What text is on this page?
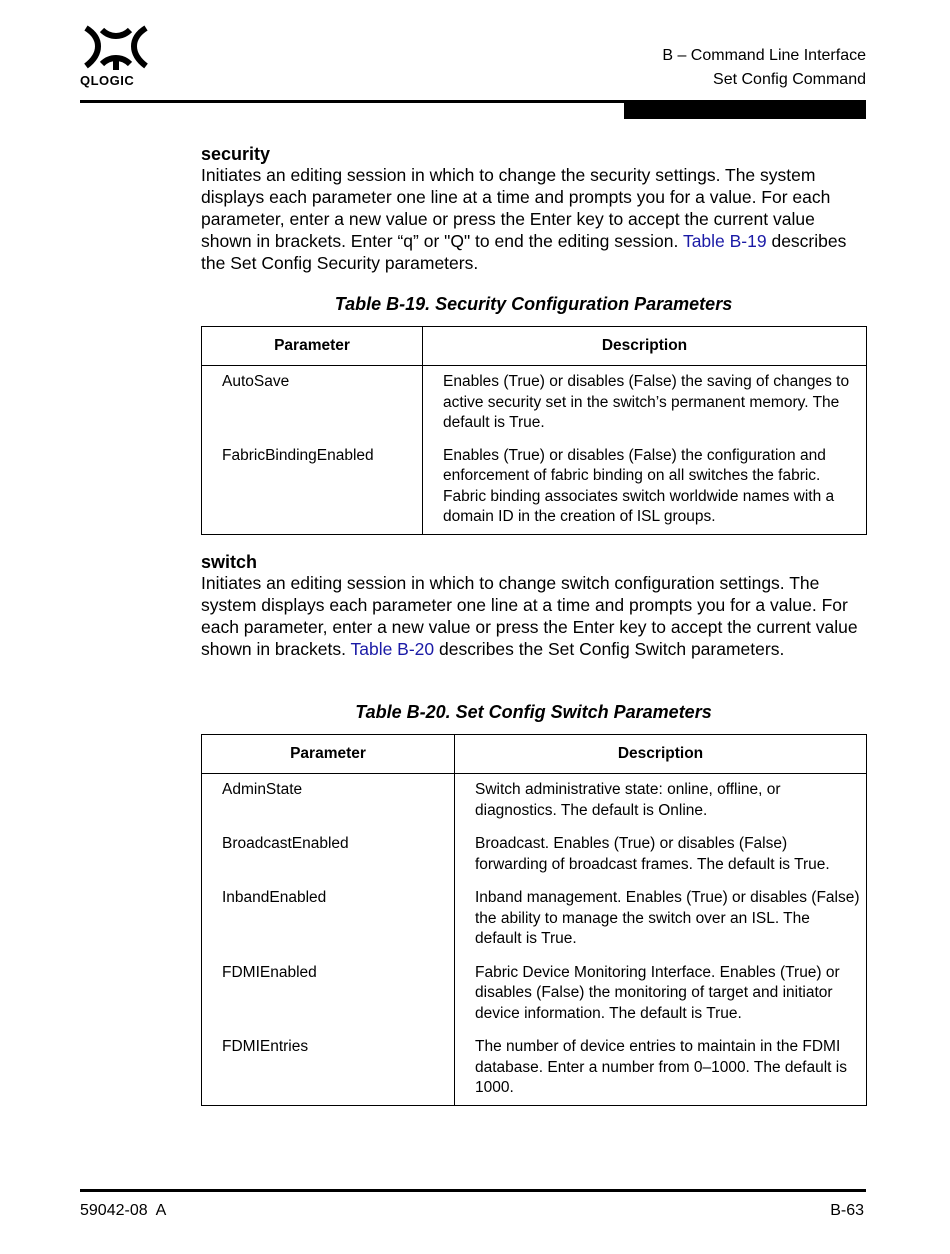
QLOGIC
B – Command Line Interface
Set Config Command
security

Initiates an editing session in which to change the security settings. The system displays each parameter one line at a time and prompts you for a value. For each parameter, enter a new value or press the Enter key to accept the current value shown in brackets. Enter “q” or "Q" to end the editing session. Table B-19 describes the Set Config Security parameters.

Table B-19. Security Configuration Parameters
Parameter	Description
AutoSave	Enables (True) or disables (False) the saving of changes to active security set in the switch’s permanent memory. The default is True.
FabricBindingEnabled	Enables (True) or disables (False) the configuration and enforcement of fabric binding on all switches the fabric. Fabric binding associates switch worldwide names with a domain ID in the creation of ISL groups.
switch

Initiates an editing session in which to change switch configuration settings. The system displays each parameter one line at a time and prompts you for a value. For each parameter, enter a new value or press the Enter key to accept the current value shown in brackets. Table B-20 describes the Set Config Switch parameters.

Table B-20. Set Config Switch Parameters
Parameter	Description
AdminState	Switch administrative state: online, offline, or diagnostics. The default is Online.
BroadcastEnabled	Broadcast. Enables (True) or disables (False) forwarding of broadcast frames. The default is True.
InbandEnabled	Inband management. Enables (True) or disables (False) the ability to manage the switch over an ISL. The default is True.
FDMIEnabled	Fabric Device Monitoring Interface. Enables (True) or disables (False) the monitoring of target and initiator device information. The default is True.
FDMIEntries	The number of device entries to maintain in the FDMI database. Enter a number from 0–1000. The default is 1000.
59042-08  A	B-63
